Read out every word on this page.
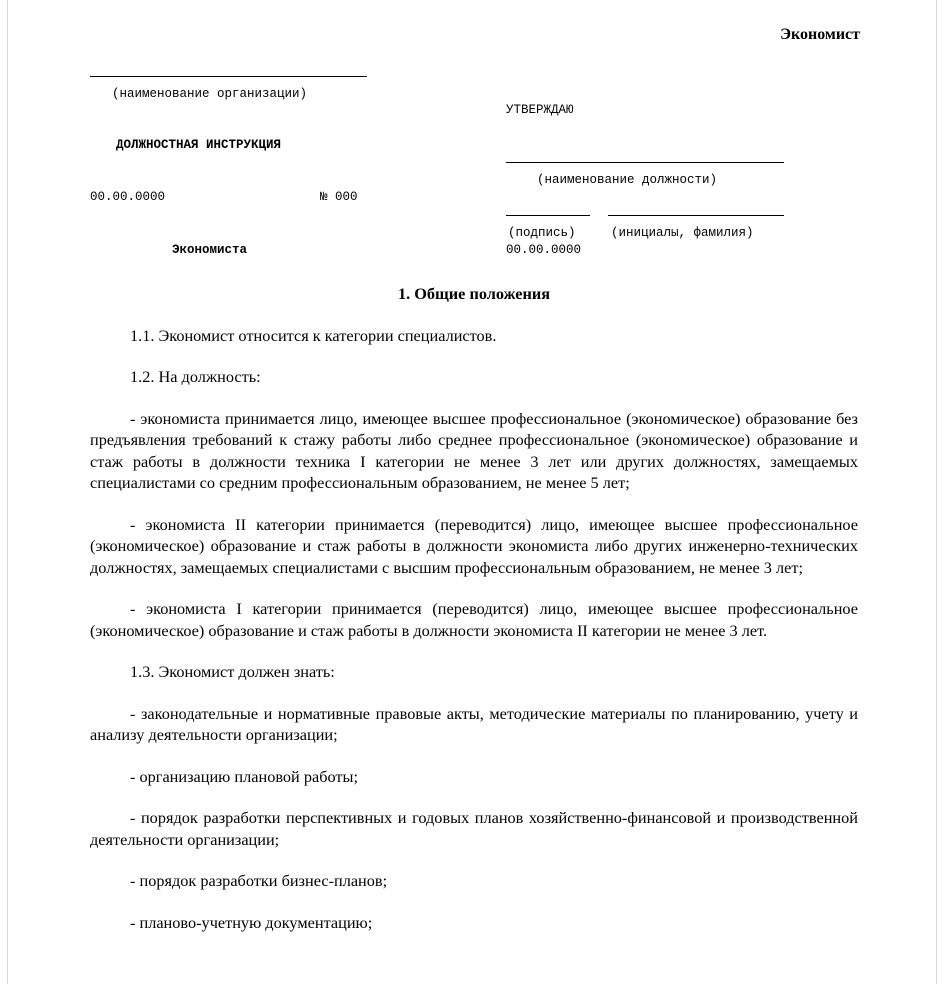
Экономист
(наименование организации)
ДОЛЖНОСТНАЯ ИНСТРУКЦИЯ
00.00.0000	№ 000
Экономиста
УТВЕРЖДАЮ
(наименование должности)
(подпись)	(инициалы, фамилия)
00.00.0000
1. Общие положения

1.1. Экономист относится к категории специалистов.

1.2. На должность:

- экономиста принимается лицо, имеющее высшее профессиональное (экономическое) образование без предъявления требований к стажу работы либо среднее профессиональное (экономическое) образование и стаж работы в должности техника I категории не менее 3 лет или других должностях, замещаемых специалистами со средним профессиональным образованием, не менее 5 лет;

- экономиста II категории принимается (переводится) лицо, имеющее высшее профессиональное (экономическое) образование и стаж работы в должности экономиста либо других инженерно-технических должностях, замещаемых специалистами с высшим профессиональным образованием, не менее 3 лет;

- экономиста I категории принимается (переводится) лицо, имеющее высшее профессиональное (экономическое) образование и стаж работы в должности экономиста II категории не менее 3 лет.

1.3. Экономист должен знать:

- законодательные и нормативные правовые акты, методические материалы по планированию, учету и анализу деятельности организации;

- организацию плановой работы;

- порядок разработки перспективных и годовых планов хозяйственно-финансовой и производственной деятельности организации;

- порядок разработки бизнес-планов;

- планово-учетную документацию;
